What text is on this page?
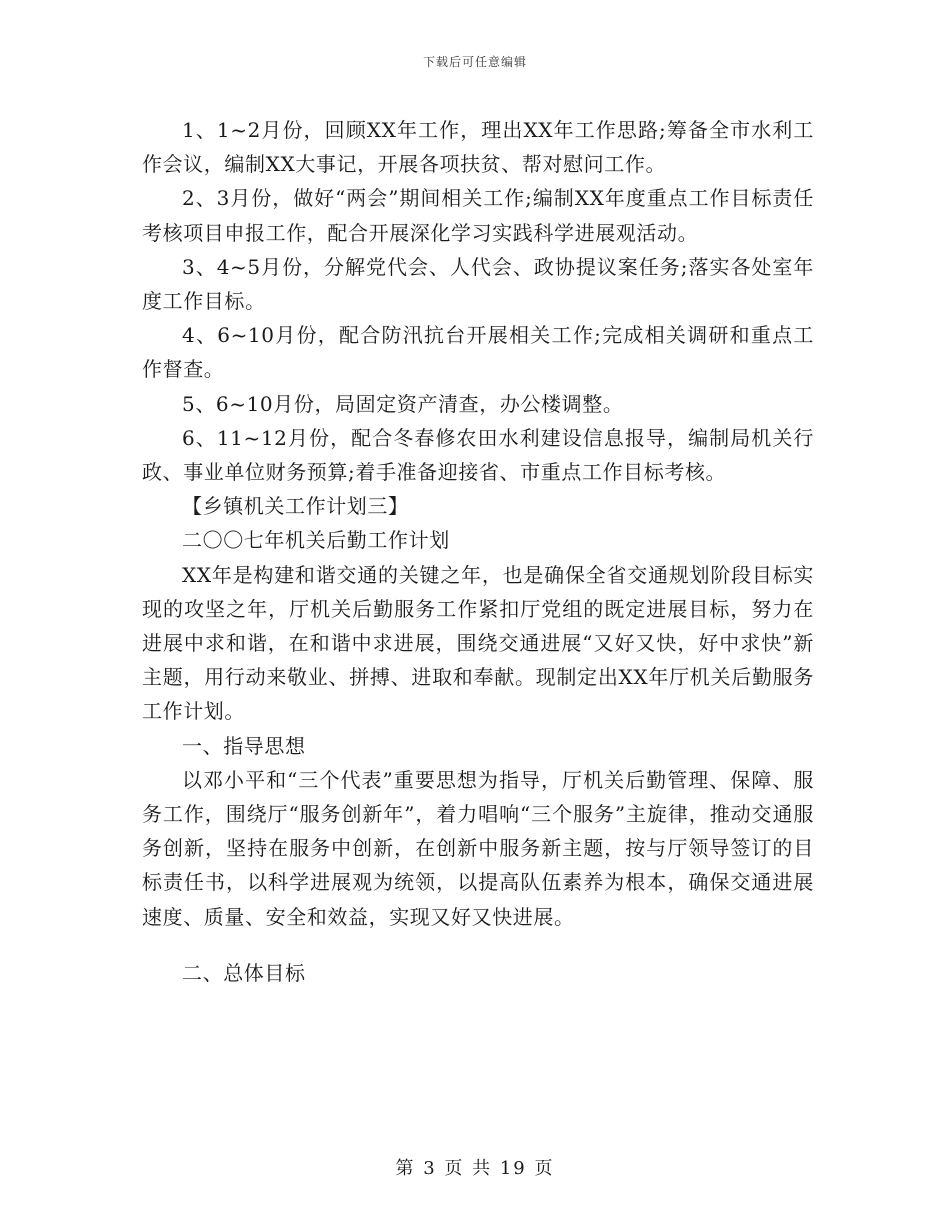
下载后可任意编辑

1、1~2月份，回顾XX年工作，理出XX年工作思路;筹备全市水利工作会议，编制XX大事记，开展各项扶贫、帮对慰问工作。

2、3月份，做好“两会”期间相关工作;编制XX年度重点工作目标责任考核项目申报工作，配合开展深化学习实践科学进展观活动。

3、4~5月份，分解党代会、人代会、政协提议案任务;落实各处室年度工作目标。

4、6~10月份，配合防汛抗台开展相关工作;完成相关调研和重点工作督查。

5、6~10月份，局固定资产清查，办公楼调整。

6、11~12月份，配合冬春修农田水利建设信息报导，编制局机关行政、事业单位财务预算;着手准备迎接省、市重点工作目标考核。

【乡镇机关工作计划三】

二〇〇七年机关后勤工作计划

XX年是构建和谐交通的关键之年，也是确保全省交通规划阶段目标实现的攻坚之年，厅机关后勤服务工作紧扣厅党组的既定进展目标，努力在进展中求和谐，在和谐中求进展，围绕交通进展“又好又快，好中求快”新主题，用行动来敬业、拼搏、进取和奉献。现制定出XX年厅机关后勤服务工作计划。

一、指导思想

以邓小平和“三个代表”重要思想为指导，厅机关后勤管理、保障、服务工作，围绕厅“服务创新年”，着力唱响“三个服务”主旋律，推动交通服务创新，坚持在服务中创新，在创新中服务新主题，按与厅领导签订的目标责任书，以科学进展观为统领，以提高队伍素养为根本，确保交通进展速度、质量、安全和效益，实现又好又快进展。

二、总体目标

第 3 页 共 19 页
